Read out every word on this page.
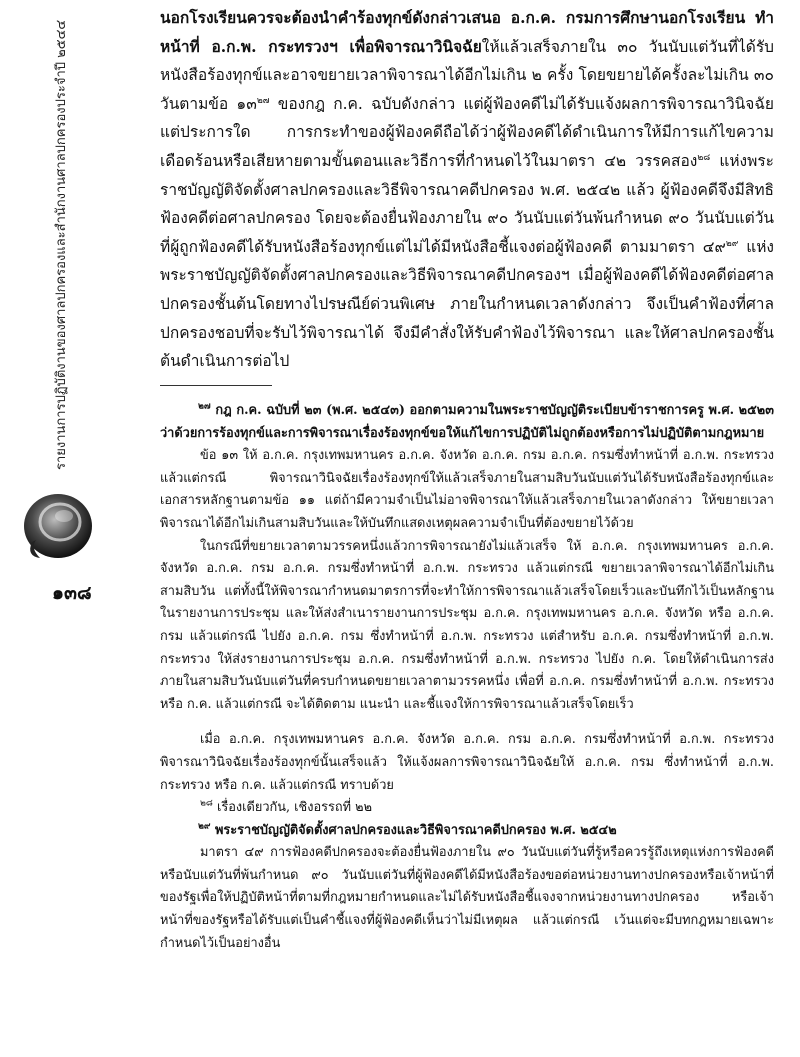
รายงานการปฏิบัติงานของศาลปกครองและสำนักงานศาลปกครองประจำปี ๒๕๔๔
๑๓๘

นอกโรงเรียนควรจะต้องนำคำร้องทุกข์ดังกล่าวเสนอ อ.ก.ค. กรมการศึกษานอกโรงเรียน ทำหน้าที่ อ.ก.พ. กระทรวงฯ เพื่อพิจารณาวินิจฉัยให้แล้วเสร็จภายใน ๓๐ วันนับแต่วันที่ได้รับหนังสือร้องทุกข์และอาจขยายเวลาพิจารณาได้อีกไม่เกิน ๒ ครั้ง โดยขยายได้ครั้งละไม่เกิน ๓๐ วันตามข้อ ๑๓$^{๒๗}$ ของกฎ ก.ค. ฉบับดังกล่าว แต่ผู้ฟ้องคดีไม่ได้รับแจ้งผลการพิจารณาวินิจฉัยแต่ประการใด การกระทำของผู้ฟ้องคดีถือได้ว่าผู้ฟ้องคดีได้ดำเนินการให้มีการแก้ไขความเดือดร้อนหรือเสียหายตามขั้นตอนและวิธีการที่กำหนดไว้ในมาตรา ๔๒ วรรคสอง$^{๒๘}$ แห่งพระราชบัญญัติจัดตั้งศาลปกครองและวิธีพิจารณาคดีปกครอง พ.ศ. ๒๕๔๒ แล้ว ผู้ฟ้องคดีจึงมีสิทธิฟ้องคดีต่อศาลปกครอง โดยจะต้องยื่นฟ้องภายใน ๙๐ วันนับแต่วันพ้นกำหนด ๙๐ วันนับแต่วันที่ผู้ถูกฟ้องคดีได้รับหนังสือร้องทุกข์แต่ไม่ได้มีหนังสือชี้แจงต่อผู้ฟ้องคดี ตามมาตรา ๔๙$^{๒๙}$ แห่งพระราชบัญญัติจัดตั้งศาลปกครองและวิธีพิจารณาคดีปกครองฯ เมื่อผู้ฟ้องคดีได้ฟ้องคดีต่อศาลปกครองชั้นต้นโดยทางไปรษณีย์ด่วนพิเศษ ภายในกำหนดเวลาดังกล่าว จึงเป็นคำฟ้องที่ศาลปกครองชอบที่จะรับไว้พิจารณาได้ จึงมีคำสั่งให้รับคำฟ้องไว้พิจารณา และให้ศาลปกครองชั้นต้นดำเนินการต่อไป

$^{๒๗}$ กฎ ก.ค. ฉบับที่ ๒๓ (พ.ศ. ๒๕๔๓) ออกตามความในพระราชบัญญัติระเบียบข้าราชการครู พ.ศ. ๒๕๒๓ ว่าด้วยการร้องทุกข์และการพิจารณาเรื่องร้องทุกข์ขอให้แก้ไขการปฏิบัติไม่ถูกต้องหรือการไม่ปฏิบัติตามกฎหมาย

ข้อ ๑๓ ให้ อ.ก.ค. กรุงเทพมหานคร อ.ก.ค. จังหวัด อ.ก.ค. กรม อ.ก.ค. กรมซึ่งทำหน้าที่ อ.ก.พ. กระทรวง แล้วแต่กรณี พิจารณาวินิจฉัยเรื่องร้องทุกข์ให้แล้วเสร็จภายในสามสิบวันนับแต่วันได้รับหนังสือร้องทุกข์และเอกสารหลักฐานตามข้อ ๑๑ แต่ถ้ามีความจำเป็นไม่อาจพิจารณาให้แล้วเสร็จภายในเวลาดังกล่าว ให้ขยายเวลาพิจารณาได้อีกไม่เกินสามสิบวันและให้บันทึกแสดงเหตุผลความจำเป็นที่ต้องขยายไว้ด้วย

ในกรณีที่ขยายเวลาตามวรรคหนึ่งแล้วการพิจารณายังไม่แล้วเสร็จ ให้ อ.ก.ค. กรุงเทพมหานคร อ.ก.ค. จังหวัด อ.ก.ค. กรม อ.ก.ค. กรมซึ่งทำหน้าที่ อ.ก.พ. กระทรวง แล้วแต่กรณี ขยายเวลาพิจารณาได้อีกไม่เกินสามสิบวัน แต่ทั้งนี้ให้พิจารณากำหนดมาตรการที่จะทำให้การพิจารณาแล้วเสร็จโดยเร็วและบันทึกไว้เป็นหลักฐานในรายงานการประชุม และให้ส่งสำเนารายงานการประชุม อ.ก.ค. กรุงเทพมหานคร อ.ก.ค. จังหวัด หรือ อ.ก.ค. กรม แล้วแต่กรณี ไปยัง อ.ก.ค. กรม ซึ่งทำหน้าที่ อ.ก.พ. กระทรวง แต่สำหรับ อ.ก.ค. กรมซึ่งทำหน้าที่ อ.ก.พ. กระทรวง ให้ส่งรายงานการประชุม อ.ก.ค. กรมซึ่งทำหน้าที่ อ.ก.พ. กระทรวง ไปยัง ก.ค. โดยให้ดำเนินการส่งภายในสามสิบวันนับแต่วันที่ครบกำหนดขยายเวลาตามวรรคหนึ่ง เพื่อที่ อ.ก.ค. กรมซึ่งทำหน้าที่ อ.ก.พ. กระทรวง หรือ ก.ค. แล้วแต่กรณี จะได้ติดตาม แนะนำ และชี้แจงให้การพิจารณาแล้วเสร็จโดยเร็ว

เมื่อ อ.ก.ค. กรุงเทพมหานคร อ.ก.ค. จังหวัด อ.ก.ค. กรม อ.ก.ค. กรมซึ่งทำหน้าที่ อ.ก.พ. กระทรวง พิจารณาวินิจฉัยเรื่องร้องทุกข์นั้นเสร็จแล้ว ให้แจ้งผลการพิจารณาวินิจฉัยให้ อ.ก.ค. กรม ซึ่งทำหน้าที่ อ.ก.พ. กระทรวง หรือ ก.ค. แล้วแต่กรณี ทราบด้วย

$^{๒๘}$ เรื่องเดียวกัน, เชิงอรรถที่ ๒๒

$^{๒๙}$ พระราชบัญญัติจัดตั้งศาลปกครองและวิธีพิจารณาคดีปกครอง พ.ศ. ๒๕๔๒

มาตรา ๔๙ การฟ้องคดีปกครองจะต้องยื่นฟ้องภายใน ๙๐ วันนับแต่วันที่รู้หรือควรรู้ถึงเหตุแห่งการฟ้องคดี หรือนับแต่วันที่พ้นกำหนด ๙๐ วันนับแต่วันที่ผู้ฟ้องคดีได้มีหนังสือร้องขอต่อหน่วยงานทางปกครองหรือเจ้าหน้าที่ของรัฐเพื่อให้ปฏิบัติหน้าที่ตามที่กฎหมายกำหนดและไม่ได้รับหนังสือชี้แจงจากหน่วยงานทางปกครอง หรือเจ้าหน้าที่ของรัฐหรือได้รับแต่เป็นคำชี้แจงที่ผู้ฟ้องคดีเห็นว่าไม่มีเหตุผล แล้วแต่กรณี เว้นแต่จะมีบทกฎหมายเฉพาะกำหนดไว้เป็นอย่างอื่น
